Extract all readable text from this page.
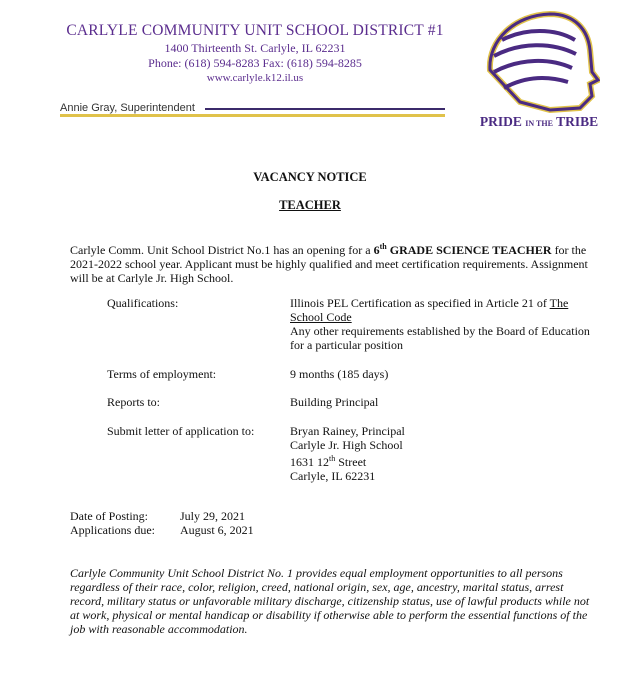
CARLYLE COMMUNITY UNIT SCHOOL DISTRICT #1
1400 Thirteenth St. Carlyle, IL 62231
Phone: (618) 594-8283 Fax: (618) 594-8285
www.carlyle.k12.il.us
Annie Gray, Superintendent
PRIDE IN THE TRIBE
VACANCY NOTICE
TEACHER
Carlyle Comm. Unit School District No.1 has an opening for a 6th GRADE SCIENCE TEACHER for the 2021-2022 school year. Applicant must be highly qualified and meet certification requirements. Assignment will be at Carlyle Jr. High School.
Qualifications:	Illinois PEL Certification as specified in Article 21 of The School Code
Any other requirements established by the Board of Education for a particular position
Terms of employment:	9 months (185 days)
Reports to:	Building Principal
Submit letter of application to:	Bryan Rainey, Principal
Carlyle Jr. High School
1631 12th Street
Carlyle, IL 62231
Date of Posting:	July 29, 2021
Applications due: August 6, 2021
Carlyle Community Unit School District No. 1 provides equal employment opportunities to all persons regardless of their race, color, religion, creed, national origin, sex, age, ancestry, marital status, arrest record, military status or unfavorable military discharge, citizenship status, use of lawful products while not at work, physical or mental handicap or disability if otherwise able to perform the essential functions of the job with reasonable accommodation.
